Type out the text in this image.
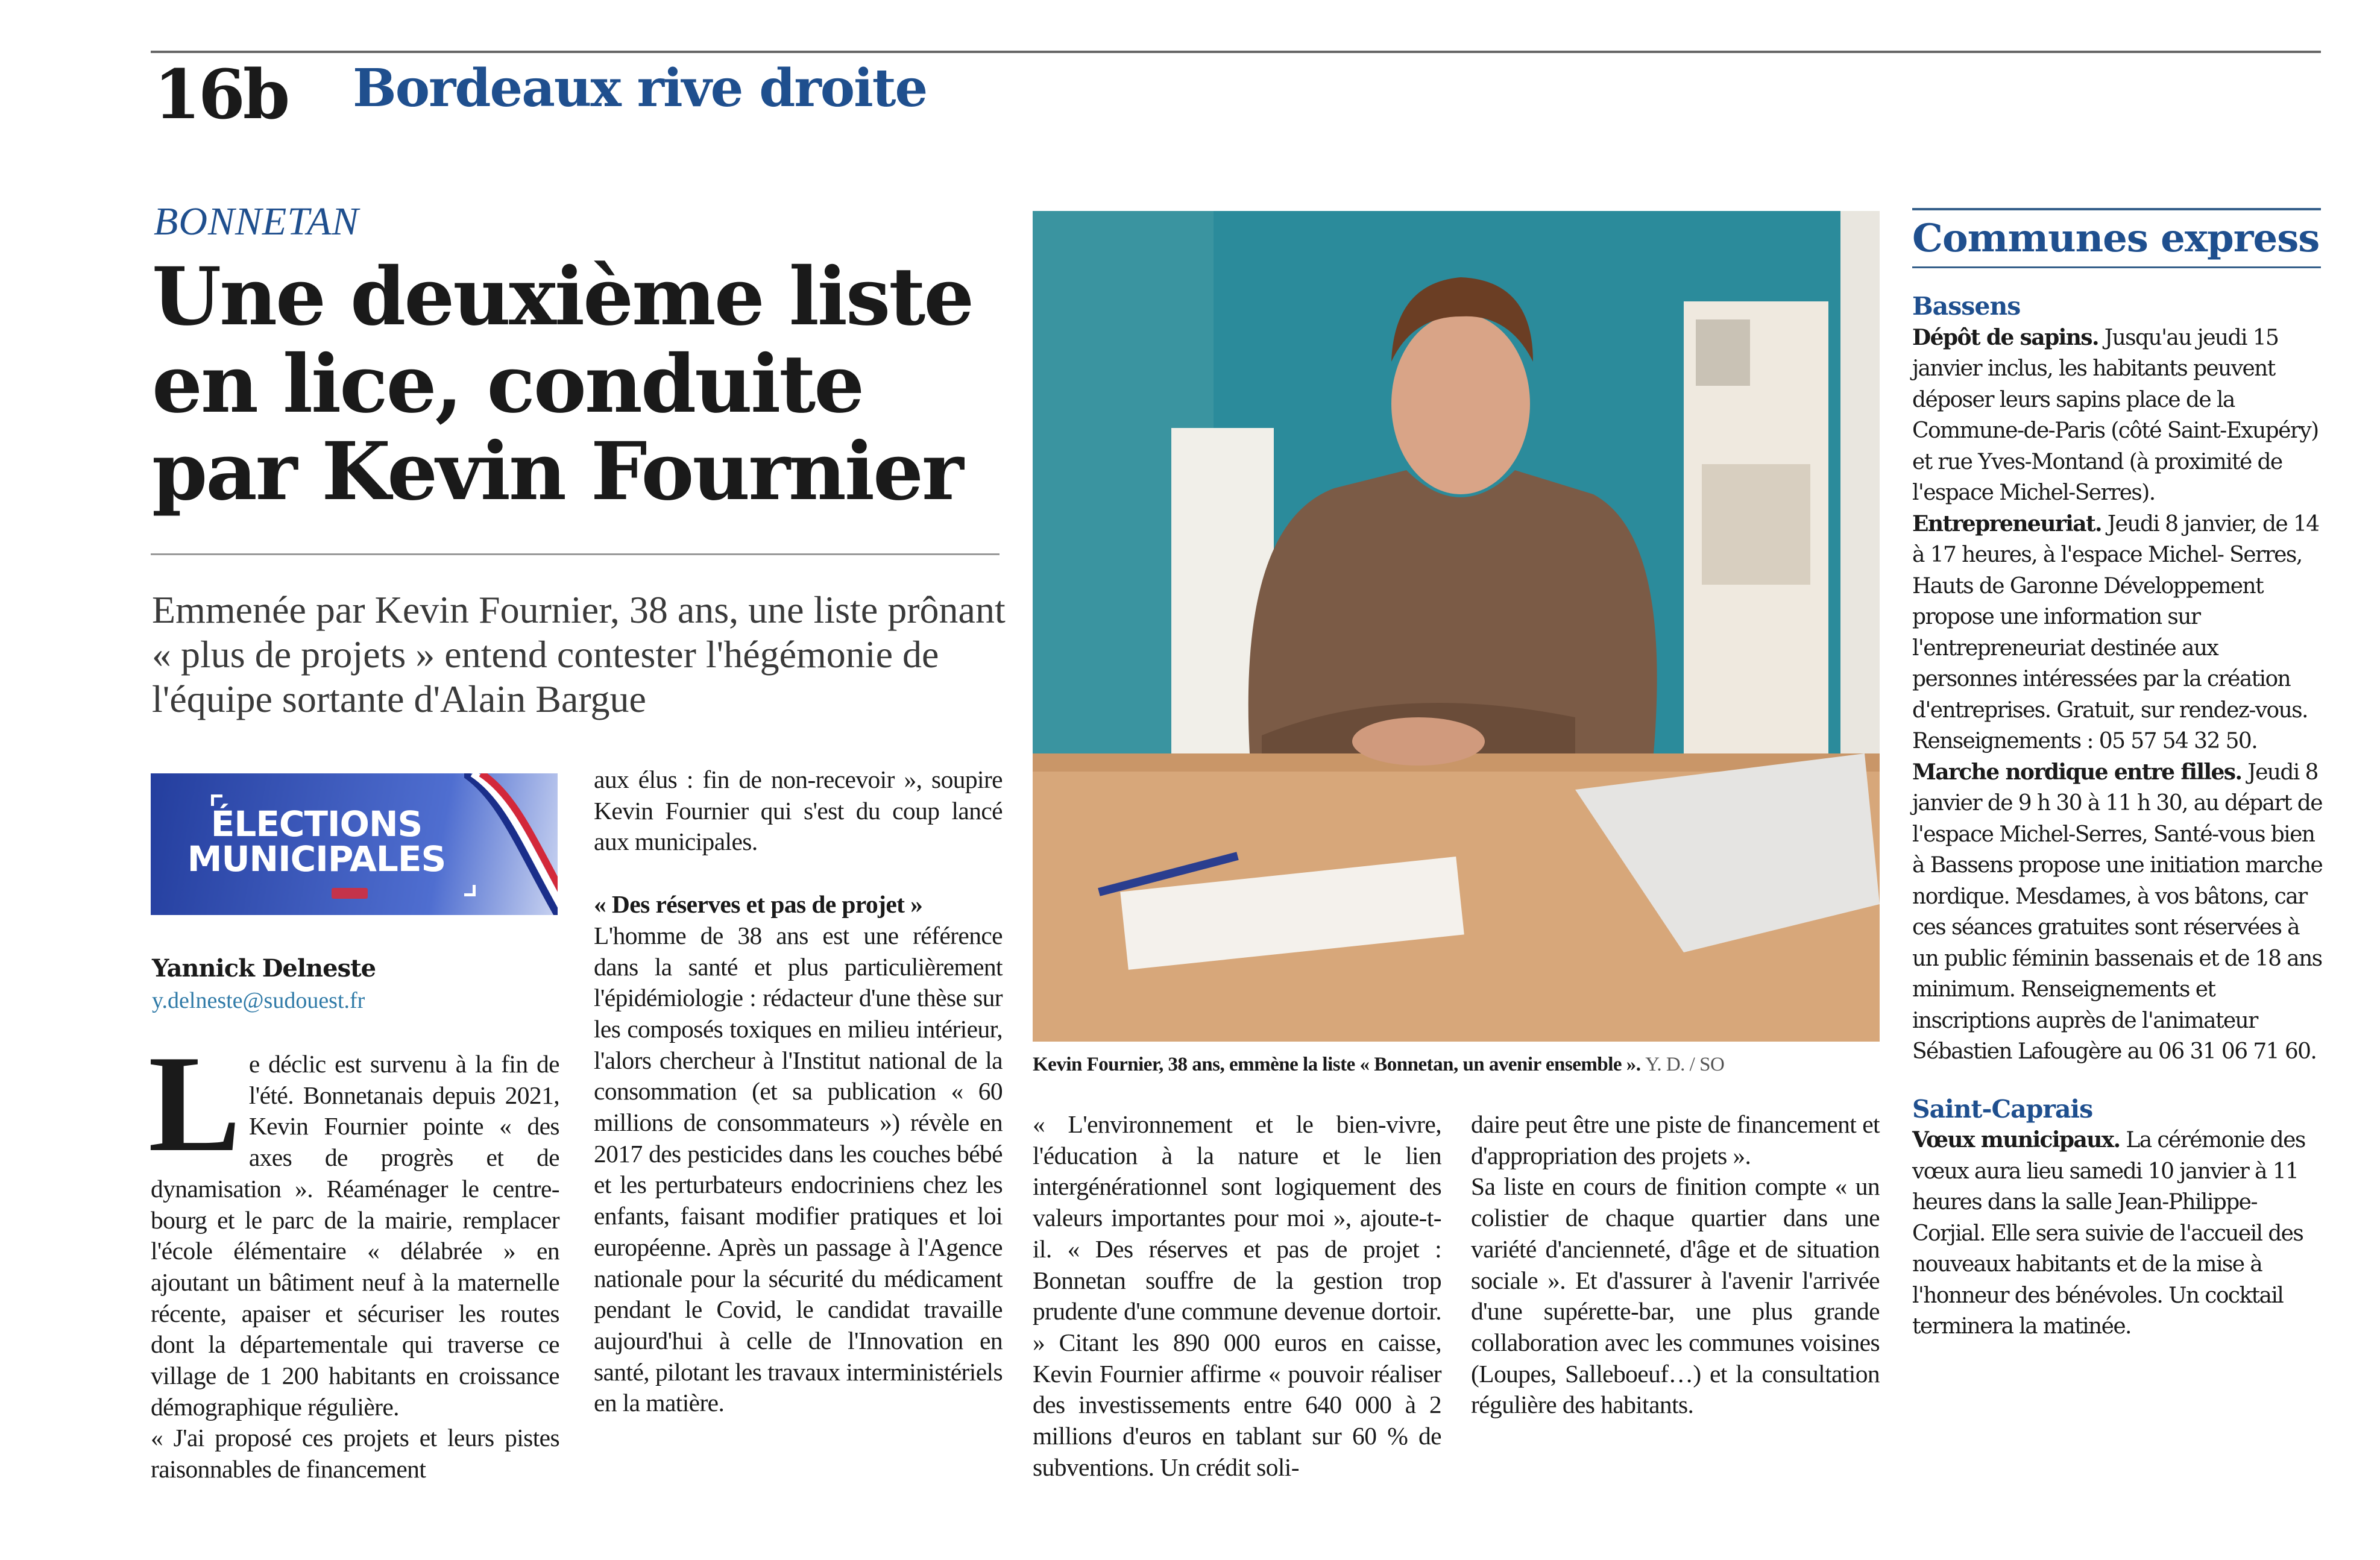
16b Bordeaux rive droite
BONNETAN
Une deuxième liste
en lice, conduite
par Kevin Fournier
Emmenée par Kevin Fournier, 38 ans, une liste prônant « plus de projets » entend contester l'hégémonie de l'équipe sortante d'Alain Bargue
ÉLECTIONS
MUNICIPALES
Yannick Delneste
y.delneste@sudouest.fr

Le déclic est survenu à la fin de l'été. Bonnetanais depuis 2021, Kevin Fournier pointe « des axes de progrès et de dynamisation ». Réaménager le centre-bourg et le parc de la mairie, remplacer l'école élémentaire « délabrée » en ajoutant un bâtiment neuf à la maternelle récente, apaiser et sécuriser les routes dont la départementale qui traverse ce village de 1 200 habitants en croissance démographique régulière.

« J'ai proposé ces projets et leurs pistes raisonnables de financement

aux élus : fin de non-recevoir », soupire Kevin Fournier qui s'est du coup lancé aux municipales.

« Des réserves et pas de projet »

L'homme de 38 ans est une référence dans la santé et plus particulièrement l'épidémiologie : rédacteur d'une thèse sur les composés toxiques en milieu intérieur, l'alors chercheur à l'Institut national de la consommation (et sa publication « 60 millions de consommateurs ») révèle en 2017 des pesticides dans les couches bébé et les perturbateurs endocriniens chez les enfants, faisant modifier pratiques et loi européenne. Après un passage à l'Agence nationale pour la sécurité du médicament pendant le Covid, le candidat travaille aujourd'hui à celle de l'Innovation en santé, pilotant les travaux interministériels en la matière.

Kevin Fournier, 38 ans, emmène la liste « Bonnetan, un avenir ensemble ». Y. D. / SO

« L'environnement et le bien-vivre, l'éducation à la nature et le lien intergénérationnel sont logiquement des valeurs importantes pour moi », ajoute-t-il. « Des réserves et pas de projet : Bonnetan souffre de la gestion trop prudente d'une commune devenue dortoir. » Citant les 890 000 euros en caisse, Kevin Fournier affirme « pouvoir réaliser des investissements entre 640 000 à 2 millions d'euros en tablant sur 60 % de subventions. Un crédit soli-

daire peut être une piste de financement et d'appropriation des projets ».

Sa liste en cours de finition compte « un colistier de chaque quartier dans une variété d'ancienneté, d'âge et de situation sociale ». Et d'assurer à l'avenir l'arrivée d'une supérette-bar, une plus grande collaboration avec les communes voisines (Loupes, Salleboeuf…) et la consultation régulière des habitants.

Communes express
Bassens

Dépôt de sapins. Jusqu'au jeudi 15 janvier inclus, les habitants peuvent déposer leurs sapins place de la Commune-de-Paris (côté Saint-Exupéry) et rue Yves-Montand (à proximité de l'espace Michel-Serres).

Entrepreneuriat. Jeudi 8 janvier, de 14 à 17 heures, à l'espace Michel- Serres, Hauts de Garonne Développement propose une information sur l'entrepreneuriat destinée aux personnes intéressées par la création d'entreprises. Gratuit, sur rendez-vous. Renseignements : 05 57 54 32 50.

Marche nordique entre filles. Jeudi 8 janvier de 9 h 30 à 11 h 30, au départ de l'espace Michel-Serres, Santé-vous bien à Bassens propose une initiation marche nordique. Mesdames, à vos bâtons, car ces séances gratuites sont réservées à un public féminin bassenais et de 18 ans minimum. Renseignements et inscriptions auprès de l'animateur Sébastien Lafougère au 06 31 06 71 60.

Saint-Caprais

Vœux municipaux. La cérémonie des vœux aura lieu samedi 10 janvier à 11 heures dans la salle Jean-Philippe-Corjial. Elle sera suivie de l'accueil des nouveaux habitants et de la mise à l'honneur des bénévoles. Un cocktail terminera la matinée.
